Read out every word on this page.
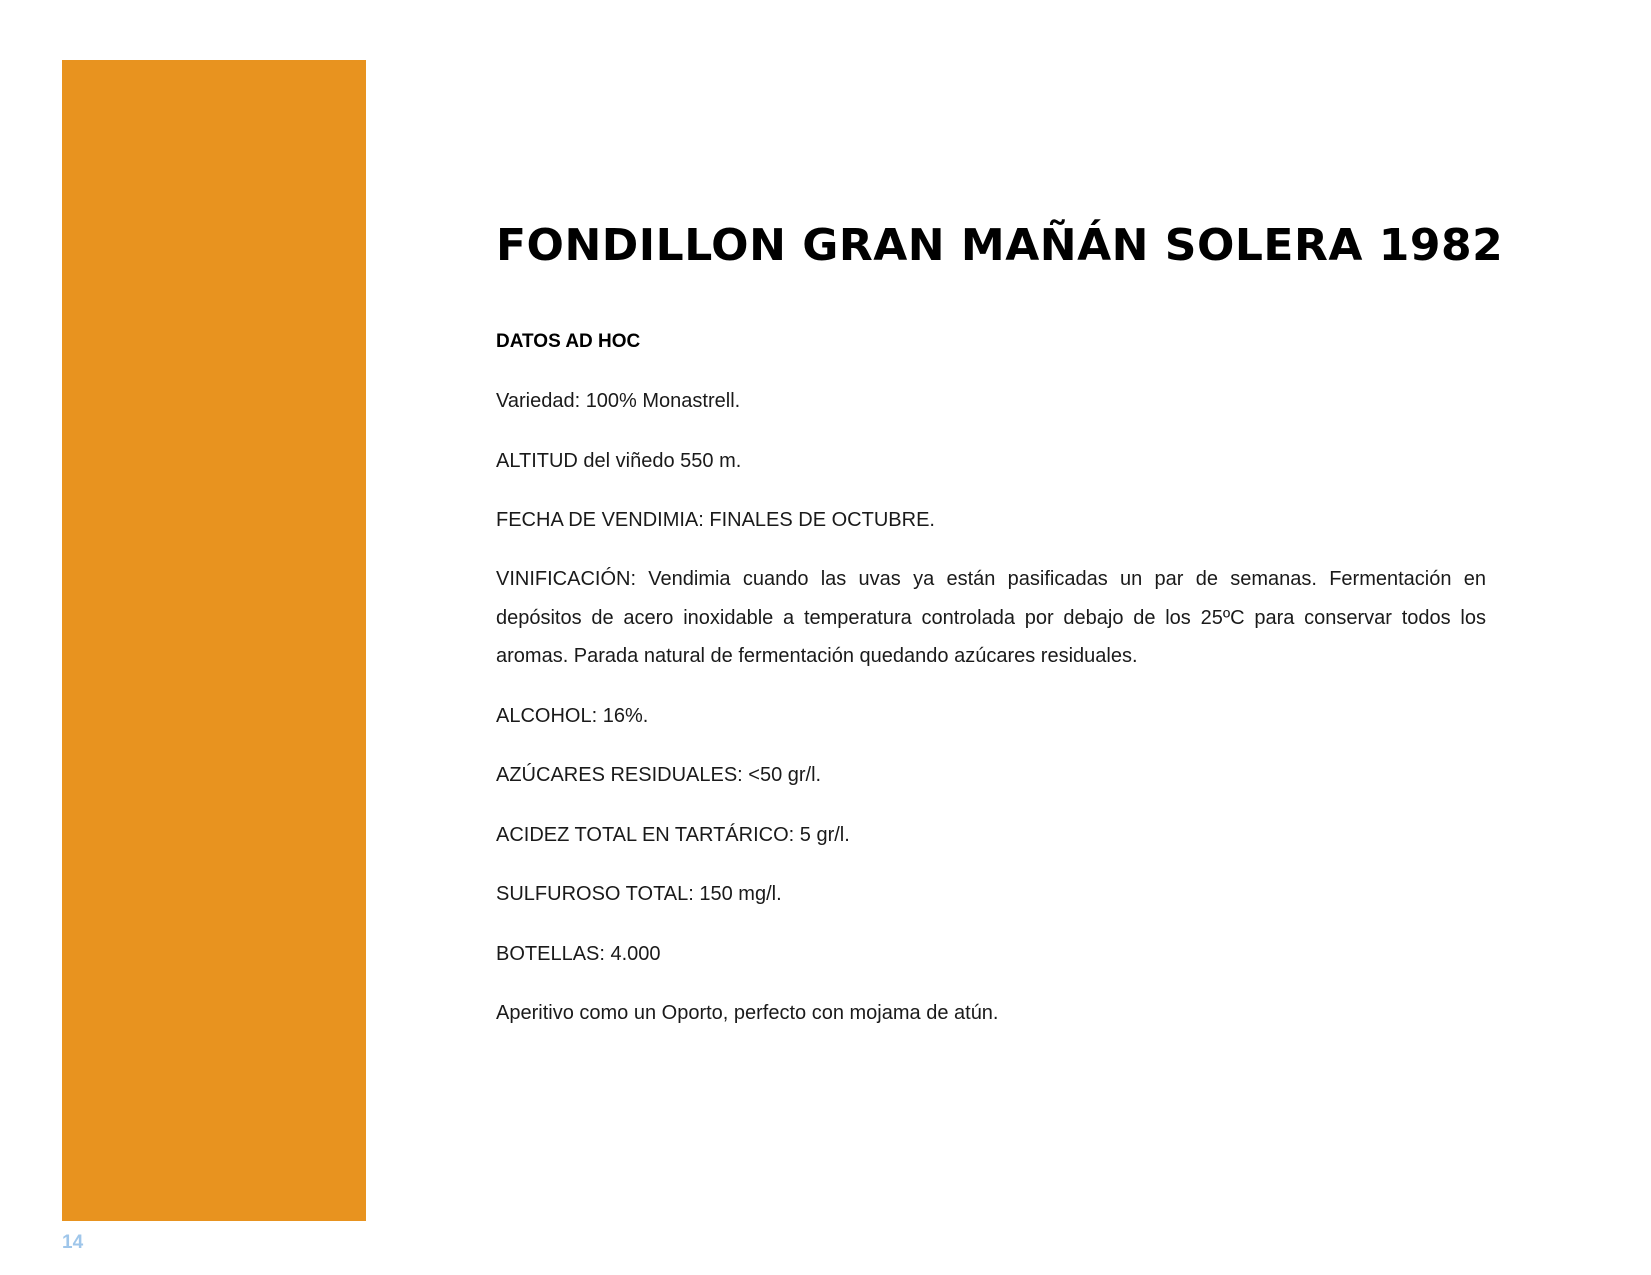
FONDILLON GRAN MAÑÁN SOLERA 1982
DATOS AD HOC

Variedad: 100% Monastrell.

ALTITUD del viñedo 550 m.

FECHA DE VENDIMIA: FINALES DE OCTUBRE.

VINIFICACIÓN: Vendimia cuando las uvas ya están pasificadas un par de semanas. Fermentación en depósitos de acero inoxidable a temperatura controlada por debajo de los 25ºC para conservar todos los aromas. Parada natural de fermentación quedando azúcares residuales.

ALCOHOL: 16%.

AZÚCARES RESIDUALES: <50 gr/l.

ACIDEZ TOTAL EN TARTÁRICO: 5 gr/l.

SULFUROSO TOTAL: 150 mg/l.

BOTELLAS: 4.000

Aperitivo como un Oporto, perfecto con mojama de atún.

14
